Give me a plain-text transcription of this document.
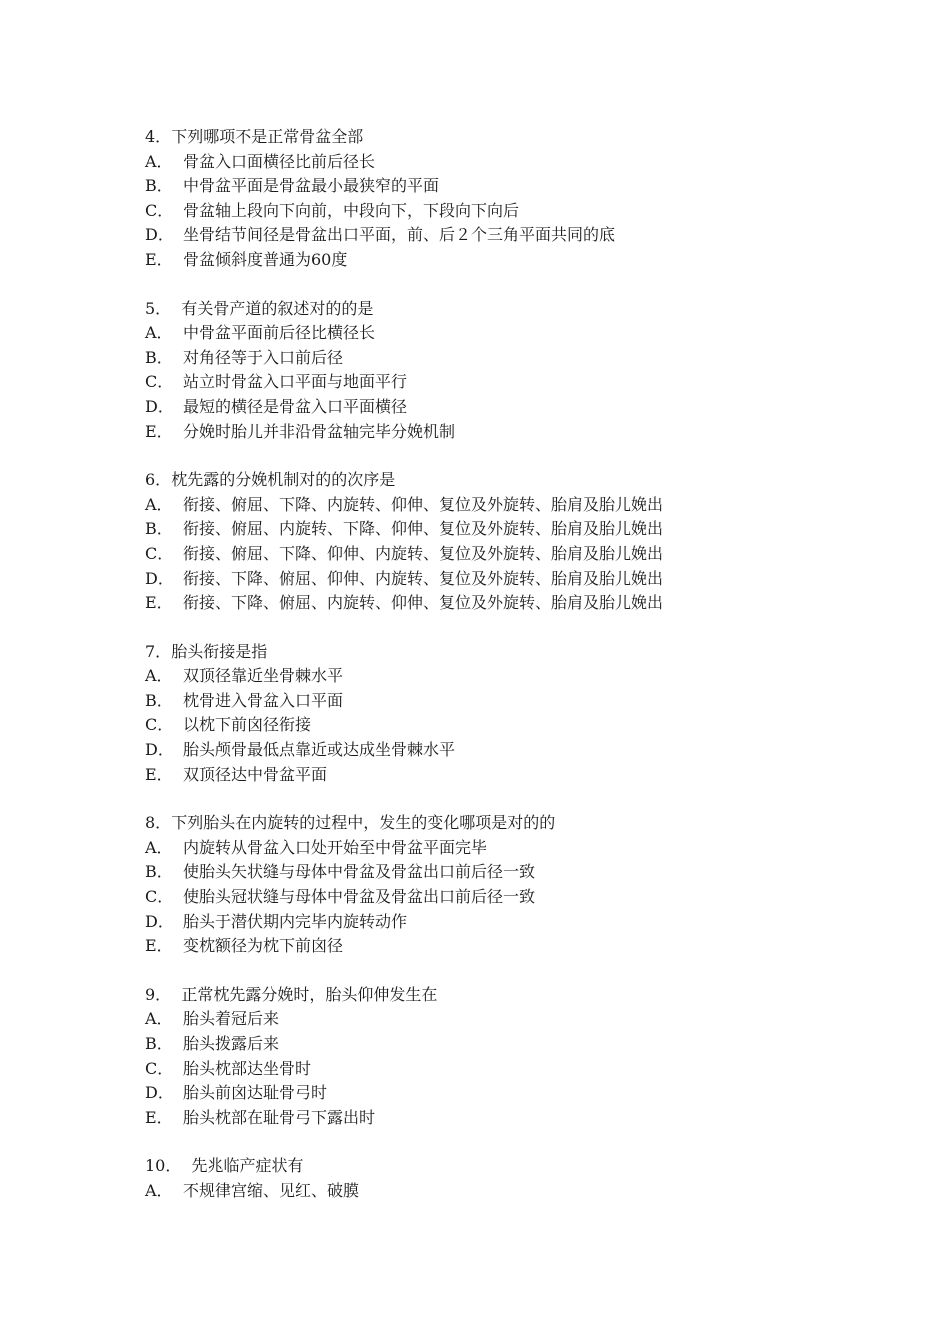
4．下列哪项不是正常骨盆全部
A． 骨盆入口面横径比前后径长
B． 中骨盆平面是骨盆最小最狭窄的平面
C． 骨盆轴上段向下向前，中段向下，下段向下向后
D． 坐骨结节间径是骨盆出口平面，前、后２个三角平面共同的底
E． 骨盆倾斜度普通为60度
5．  有关骨产道的叙述对的的是
A． 中骨盆平面前后径比横径长
B． 对角径等于入口前后径
C． 站立时骨盆入口平面与地面平行
D． 最短的横径是骨盆入口平面横径
E． 分娩时胎儿并非沿骨盆轴完毕分娩机制
6．枕先露的分娩机制对的的次序是
A． 衔接、俯屈、下降、内旋转、仰伸、复位及外旋转、胎肩及胎儿娩出
B． 衔接、俯屈、内旋转、下降、仰伸、复位及外旋转、胎肩及胎儿娩出
C． 衔接、俯屈、下降、仰伸、内旋转、复位及外旋转、胎肩及胎儿娩出
D． 衔接、下降、俯屈、仰伸、内旋转、复位及外旋转、胎肩及胎儿娩出
E． 衔接、下降、俯屈、内旋转、仰伸、复位及外旋转、胎肩及胎儿娩出
7．胎头衔接是指
A． 双顶径靠近坐骨棘水平
B． 枕骨进入骨盆入口平面
C． 以枕下前囟径衔接
D． 胎头颅骨最低点靠近或达成坐骨棘水平
E． 双顶径达中骨盆平面
8．下列胎头在内旋转的过程中，发生的变化哪项是对的的
A． 内旋转从骨盆入口处开始至中骨盆平面完毕
B． 使胎头矢状缝与母体中骨盆及骨盆出口前后径一致
C． 使胎头冠状缝与母体中骨盆及骨盆出口前后径一致
D． 胎头于潜伏期内完毕内旋转动作
E． 变枕额径为枕下前囟径
9．  正常枕先露分娩时，胎头仰伸发生在
A． 胎头着冠后来
B． 胎头拨露后来
C． 胎头枕部达坐骨时
D． 胎头前囟达耻骨弓时
E． 胎头枕部在耻骨弓下露出时
10．  先兆临产症状有
A． 不规律宫缩、见红、破膜
